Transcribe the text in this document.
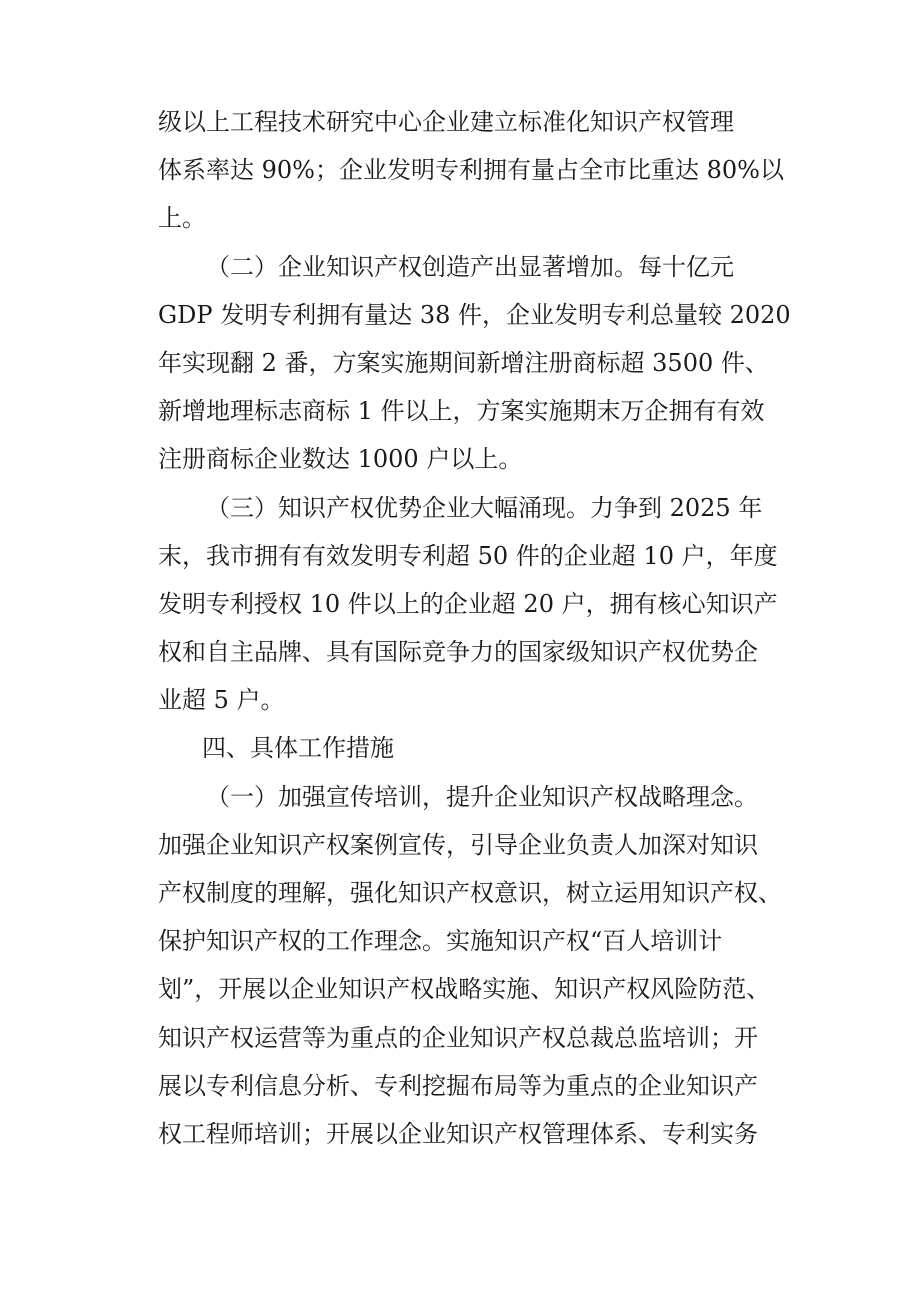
级以上工程技术研究中心企业建立标准化知识产权管理
体系率达 90%；企业发明专利拥有量占全市比重达 80%以
上。
（二）企业知识产权创造产出显著增加。每十亿元
GDP 发明专利拥有量达 38 件，企业发明专利总量较 2020
年实现翻 2 番，方案实施期间新增注册商标超 3500 件、
新增地理标志商标 1 件以上，方案实施期末万企拥有有效
注册商标企业数达 1000 户以上。
（三）知识产权优势企业大幅涌现。力争到 2025 年
末，我市拥有有效发明专利超 50 件的企业超 10 户，年度
发明专利授权 10 件以上的企业超 20 户，拥有核心知识产
权和自主品牌、具有国际竞争力的国家级知识产权优势企
业超 5 户。
四、具体工作措施
（一）加强宣传培训，提升企业知识产权战略理念。
加强企业知识产权案例宣传，引导企业负责人加深对知识
产权制度的理解，强化知识产权意识，树立运用知识产权、
保护知识产权的工作理念。实施知识产权“百人培训计
划”，开展以企业知识产权战略实施、知识产权风险防范、
知识产权运营等为重点的企业知识产权总裁总监培训；开
展以专利信息分析、专利挖掘布局等为重点的企业知识产
权工程师培训；开展以企业知识产权管理体系、专利实务
